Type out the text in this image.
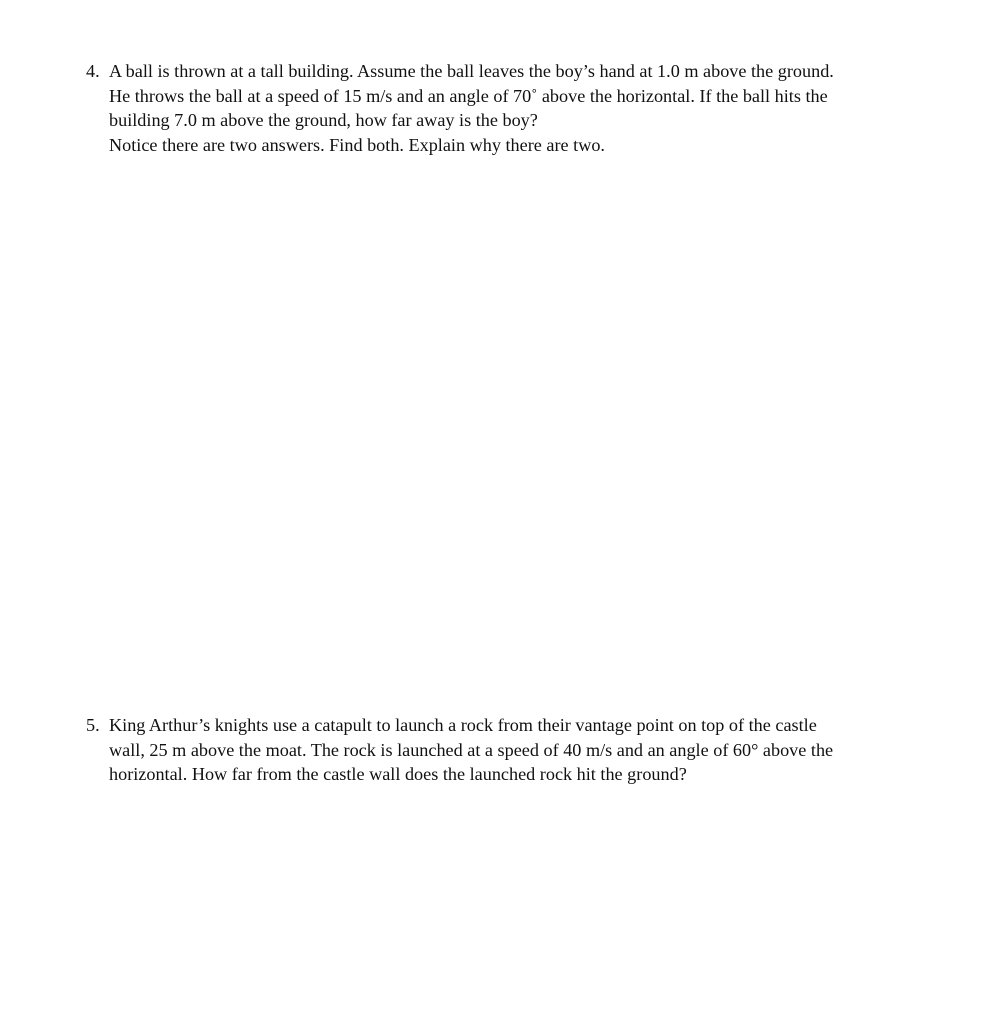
4. A ball is thrown at a tall building. Assume the ball leaves the boy’s hand at 1.0 m above the ground.
He throws the ball at a speed of 15 m/s and an angle of 70˚ above the horizontal. If the ball hits the
building 7.0 m above the ground, how far away is the boy?
Notice there are two answers. Find both. Explain why there are two.
5. King Arthur’s knights use a catapult to launch a rock from their vantage point on top of the castle
wall, 25 m above the moat. The rock is launched at a speed of 40 m/s and an angle of 60° above the
horizontal. How far from the castle wall does the launched rock hit the ground?
